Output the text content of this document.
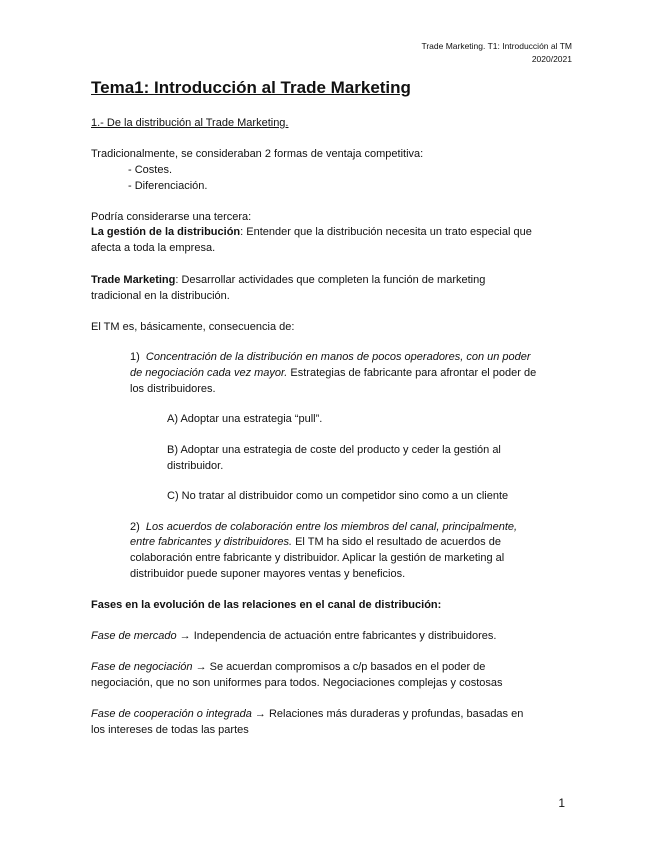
Trade Marketing. T1: Introducción al TM
2020/2021
Tema1: Introducción al Trade Marketing
1.- De la distribución al Trade Marketing.
Tradicionalmente, se consideraban 2 formas de ventaja competitiva:
- Costes.
- Diferenciación.
Podría considerarse una tercera:
La gestión de la distribución: Entender que la distribución necesita un trato especial que
afecta a toda la empresa.
Trade Marketing: Desarrollar actividades que completen la función de marketing
tradicional en la distribución.
El TM es, básicamente, consecuencia de:
1) Concentración de la distribución en manos de pocos operadores, con un poder
de negociación cada vez mayor. Estrategias de fabricante para afrontar el poder de
los distribuidores.
A) Adoptar una estrategia “pull”.
B) Adoptar una estrategia de coste del producto y ceder la gestión al
distribuidor.
C) No tratar al distribuidor como un competidor sino como a un cliente
2) Los acuerdos de colaboración entre los miembros del canal, principalmente,
entre fabricantes y distribuidores. El TM ha sido el resultado de acuerdos de
colaboración entre fabricante y distribuidor. Aplicar la gestión de marketing al
distribuidor puede suponer mayores ventas y beneficios.
Fases en la evolución de las relaciones en el canal de distribución:
Fase de mercado → Independencia de actuación entre fabricantes y distribuidores.
Fase de negociación → Se acuerdan compromisos a c/p basados en el poder de
negociación, que no son uniformes para todos. Negociaciones complejas y costosas
Fase de cooperación o integrada → Relaciones más duraderas y profundas, basadas en
los intereses de todas las partes
1
